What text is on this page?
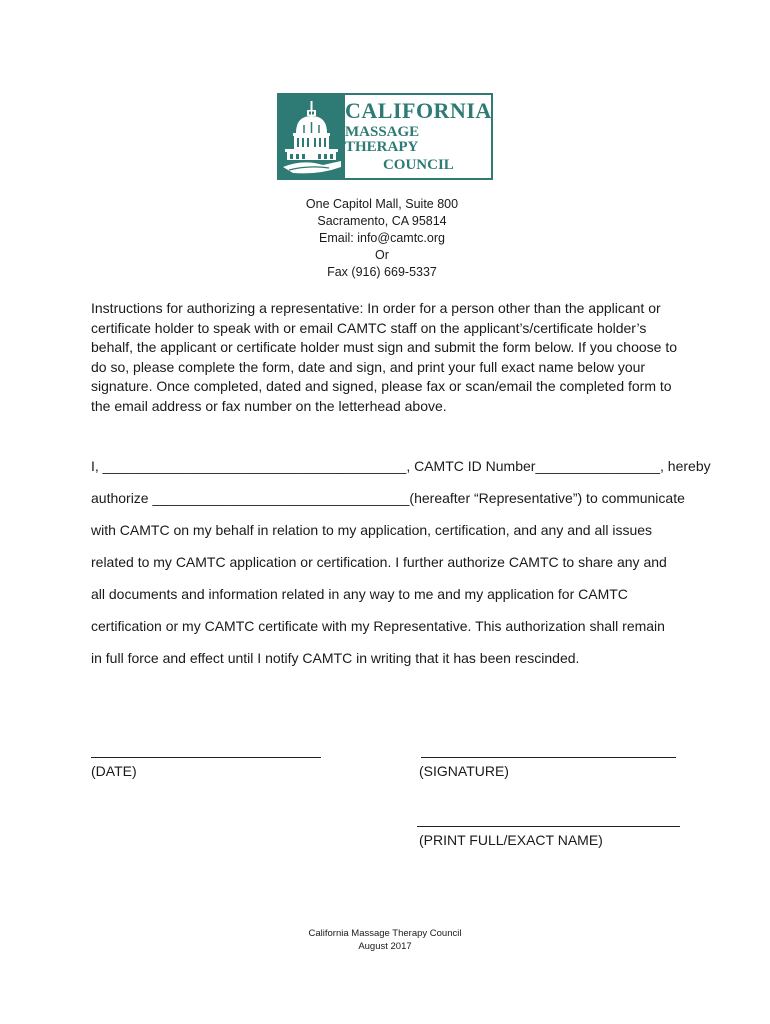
CALIFORNIA
MASSAGE THERAPY
COUNCIL
One Capitol Mall, Suite 800
Sacramento, CA 95814
Email: info@camtc.org
Or
Fax (916) 669-5337
Instructions for authorizing a representative: In order for a person other than the applicant or
certificate holder to speak with or email CAMTC staff on the applicant’s/certificate holder’s
behalf, the applicant or certificate holder must sign and submit the form below. If you choose to
do so, please complete the form, date and sign, and print your full exact name below your
signature. Once completed, dated and signed, please fax or scan/email the completed form to
the email address or fax number on the letterhead above.
I, _______________________________________, CAMTC ID Number________________, hereby
authorize _________________________________(hereafter “Representative”) to communicate
with CAMTC on my behalf in relation to my application, certification, and any and all issues
related to my CAMTC application or certification. I further authorize CAMTC to share any and
all documents and information related in any way to me and my application for CAMTC
certification or my CAMTC certificate with my Representative. This authorization shall remain
in full force and effect until I notify CAMTC in writing that it has been rescinded.
(DATE)	(SIGNATURE)
(PRINT FULL/EXACT NAME)
California Massage Therapy Council
August 2017
